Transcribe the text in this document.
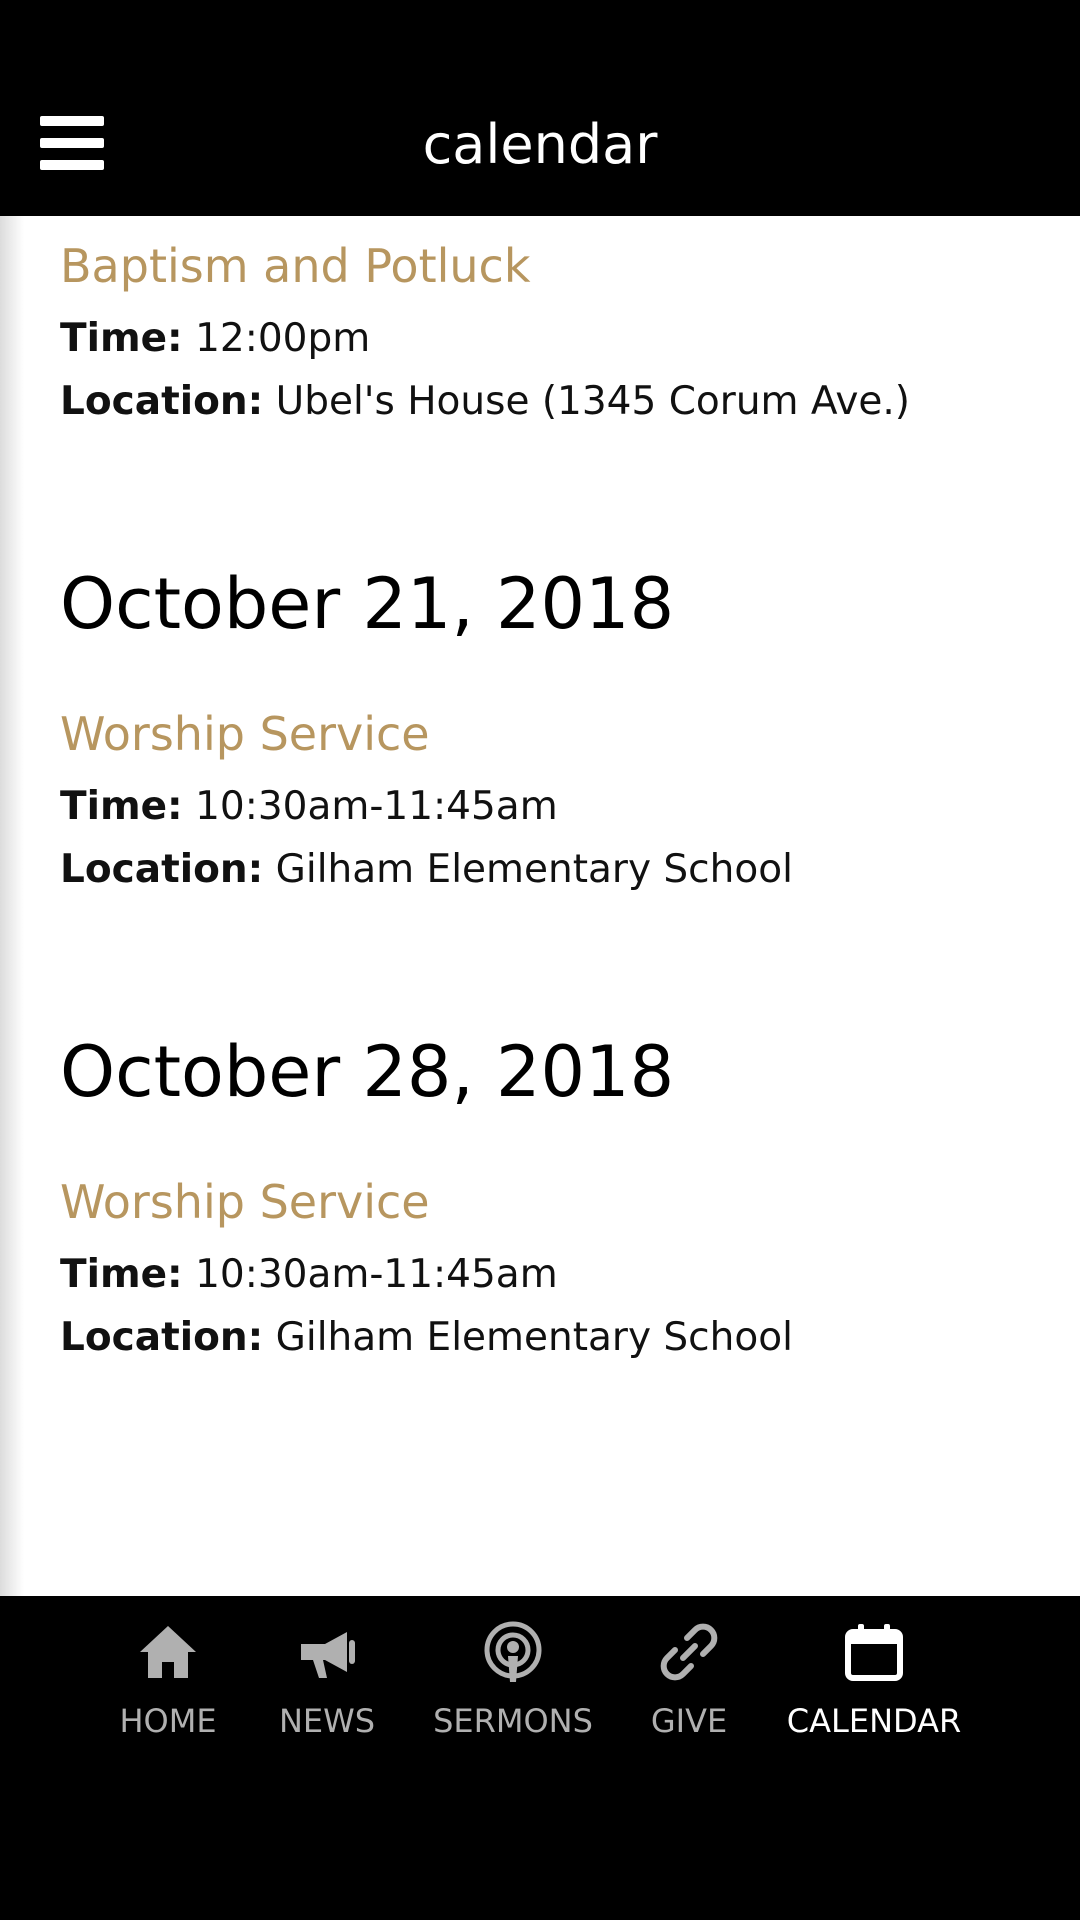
calendar
Baptism and Potluck
Time: 12:00pm
Location: Ubel's House (1345 Corum Ave.)
October 21, 2018
Worship Service
Time: 10:30am-11:45am
Location: Gilham Elementary School
October 28, 2018
Worship Service
Time: 10:30am-11:45am
Location: Gilham Elementary School
HOME	NEWS	SERMONS	GIVE	CALENDAR
